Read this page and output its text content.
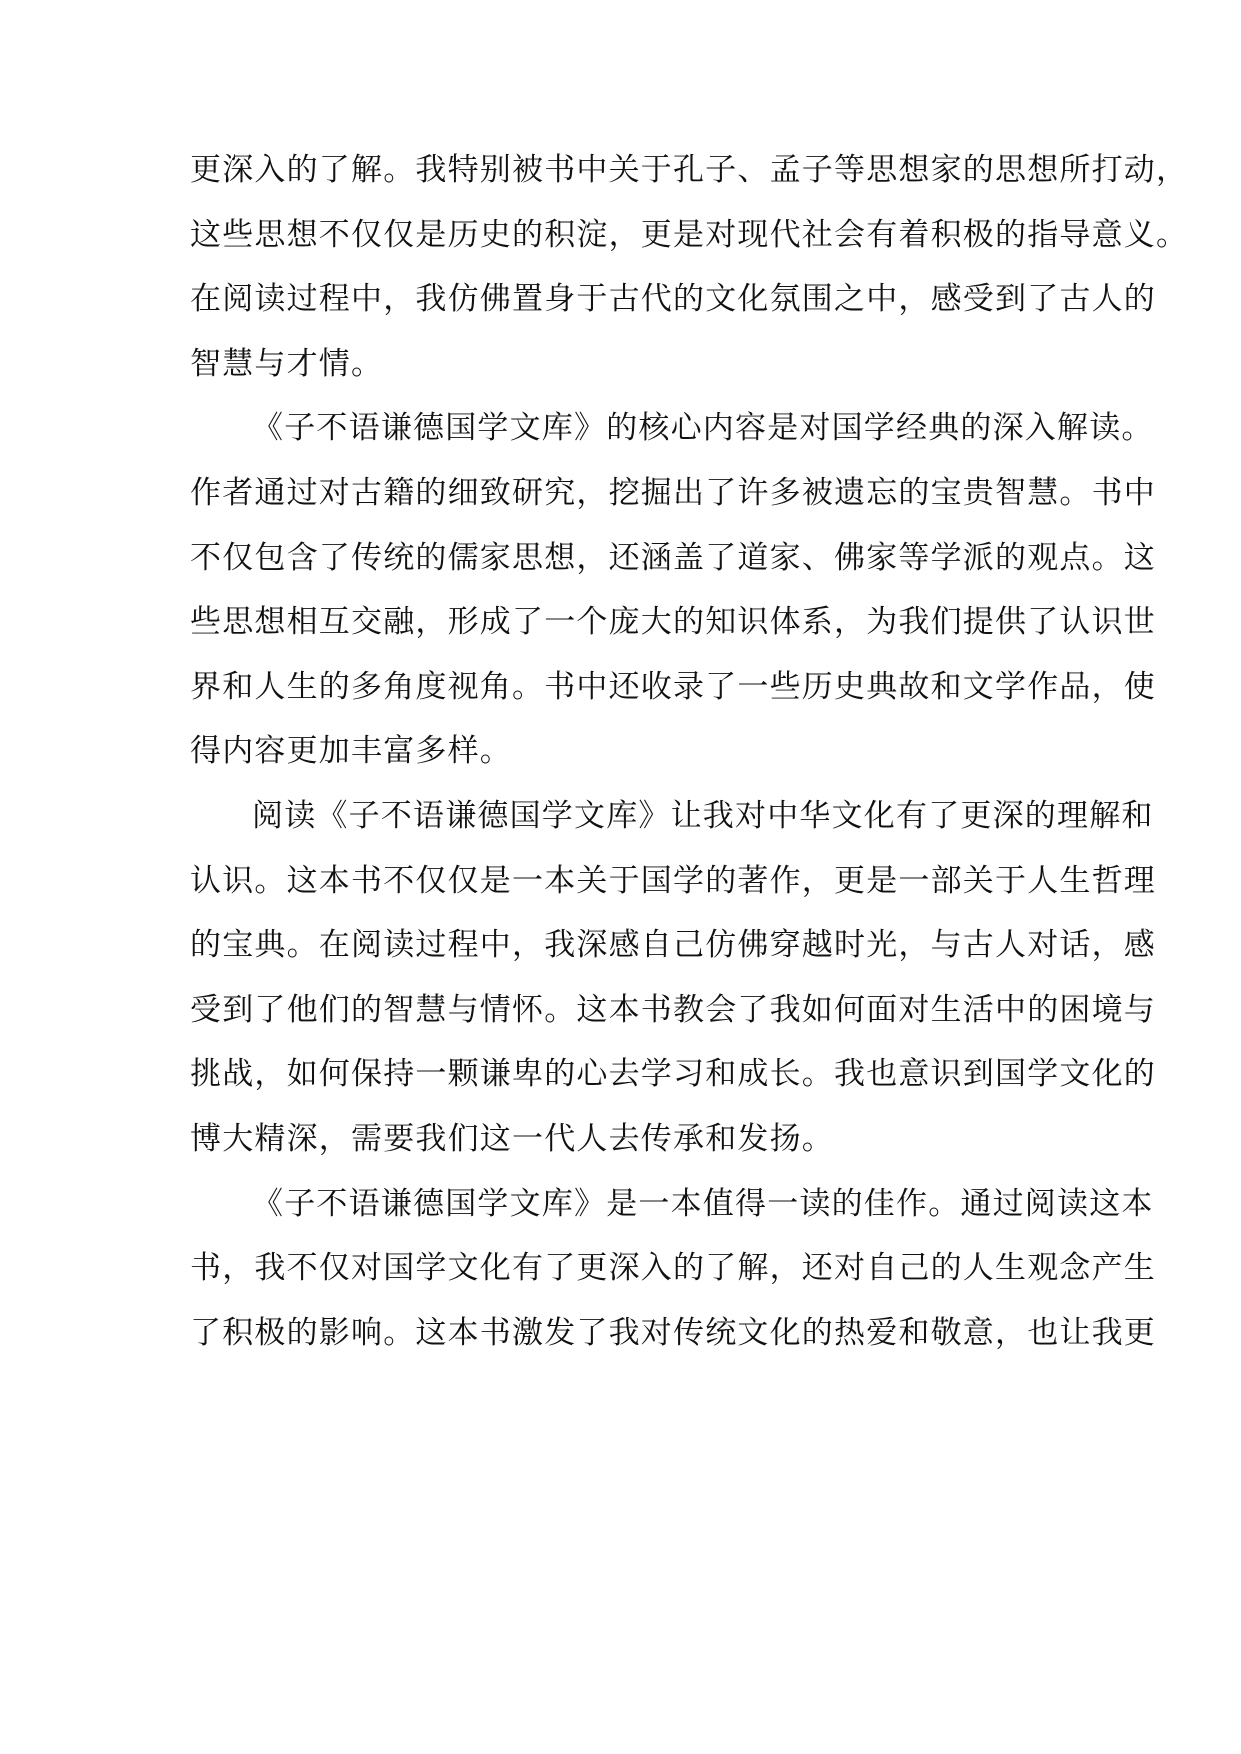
更深入的了解。我特别被书中关于孔子、孟子等思想家的思想所打动，
这些思想不仅仅是历史的积淀，更是对现代社会有着积极的指导意义。
在阅读过程中，我仿佛置身于古代的文化氛围之中，感受到了古人的
智慧与才情。
《子不语谦德国学文库》的核心内容是对国学经典的深入解读。
作者通过对古籍的细致研究，挖掘出了许多被遗忘的宝贵智慧。书中
不仅包含了传统的儒家思想，还涵盖了道家、佛家等学派的观点。这
些思想相互交融，形成了一个庞大的知识体系，为我们提供了认识世
界和人生的多角度视角。书中还收录了一些历史典故和文学作品，使
得内容更加丰富多样。
阅读《子不语谦德国学文库》让我对中华文化有了更深的理解和
认识。这本书不仅仅是一本关于国学的著作，更是一部关于人生哲理
的宝典。在阅读过程中，我深感自己仿佛穿越时光，与古人对话，感
受到了他们的智慧与情怀。这本书教会了我如何面对生活中的困境与
挑战，如何保持一颗谦卑的心去学习和成长。我也意识到国学文化的
博大精深，需要我们这一代人去传承和发扬。
《子不语谦德国学文库》是一本值得一读的佳作。通过阅读这本
书，我不仅对国学文化有了更深入的了解，还对自己的人生观念产生
了积极的影响。这本书激发了我对传统文化的热爱和敬意，也让我更
